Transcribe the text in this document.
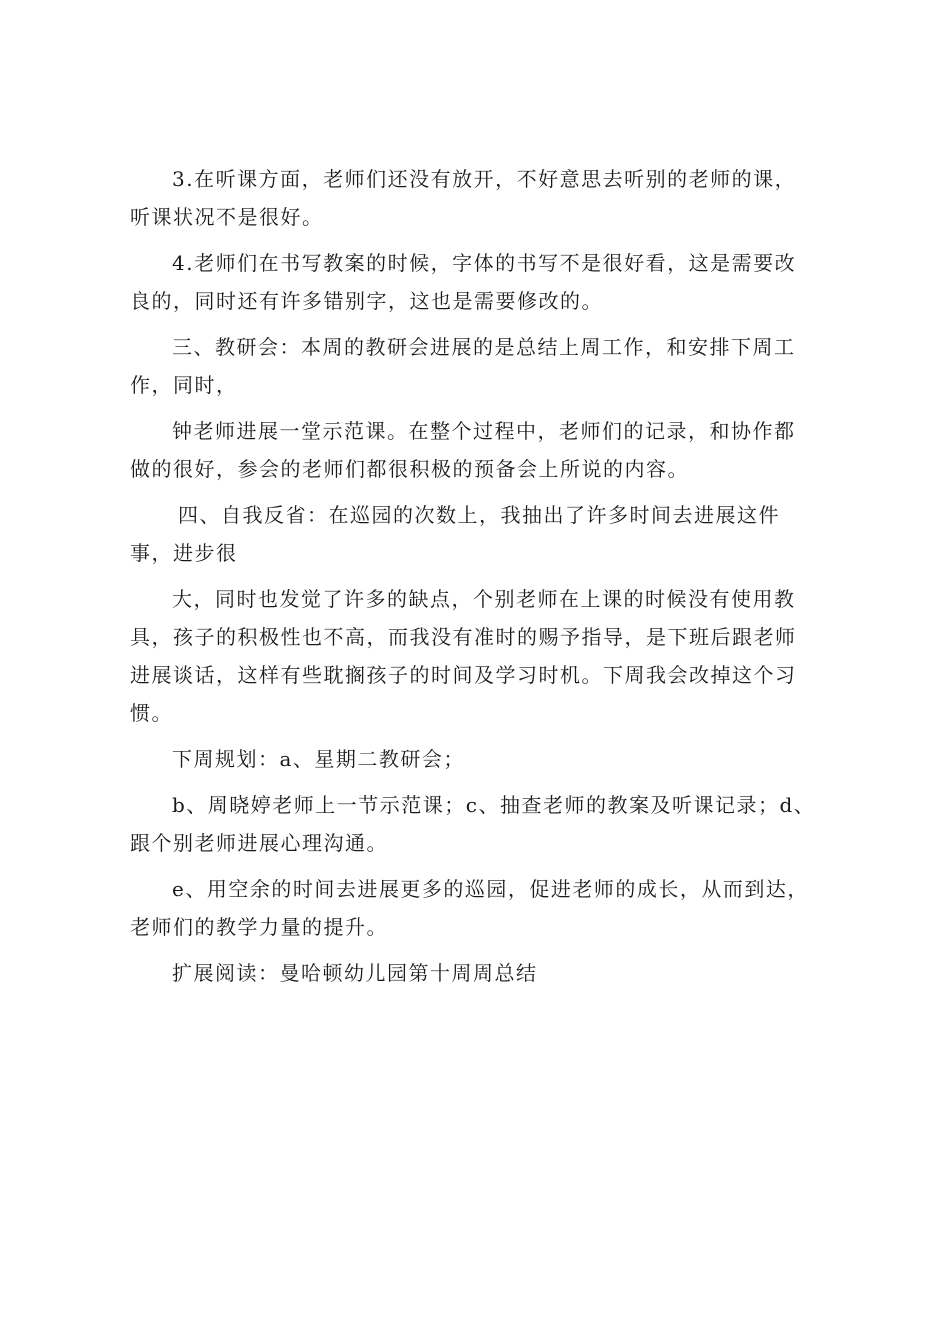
3.在听课方面，老师们还没有放开，不好意思去听别的老师的课，
听课状况不是很好。

4.老师们在书写教案的时候，字体的书写不是很好看，这是需要改
良的，同时还有许多错别字，这也是需要修改的。

三、教研会：本周的教研会进展的是总结上周工作，和安排下周工
作，同时，

钟老师进展一堂示范课。在整个过程中，老师们的记录，和协作都
做的很好，参会的老师们都很积极的预备会上所说的内容。

四、自我反省：在巡园的次数上，我抽出了许多时间去进展这件
事，进步很

大，同时也发觉了许多的缺点，个别老师在上课的时候没有使用教
具，孩子的积极性也不高，而我没有准时的赐予指导，是下班后跟老师
进展谈话，这样有些耽搁孩子的时间及学习时机。下周我会改掉这个习
惯。

下周规划：a、星期二教研会；

b、周晓婷老师上一节示范课；c、抽查老师的教案及听课记录；d、
跟个别老师进展心理沟通。

e、用空余的时间去进展更多的巡园，促进老师的成长，从而到达，
老师们的教学力量的提升。

扩展阅读：曼哈顿幼儿园第十周周总结
